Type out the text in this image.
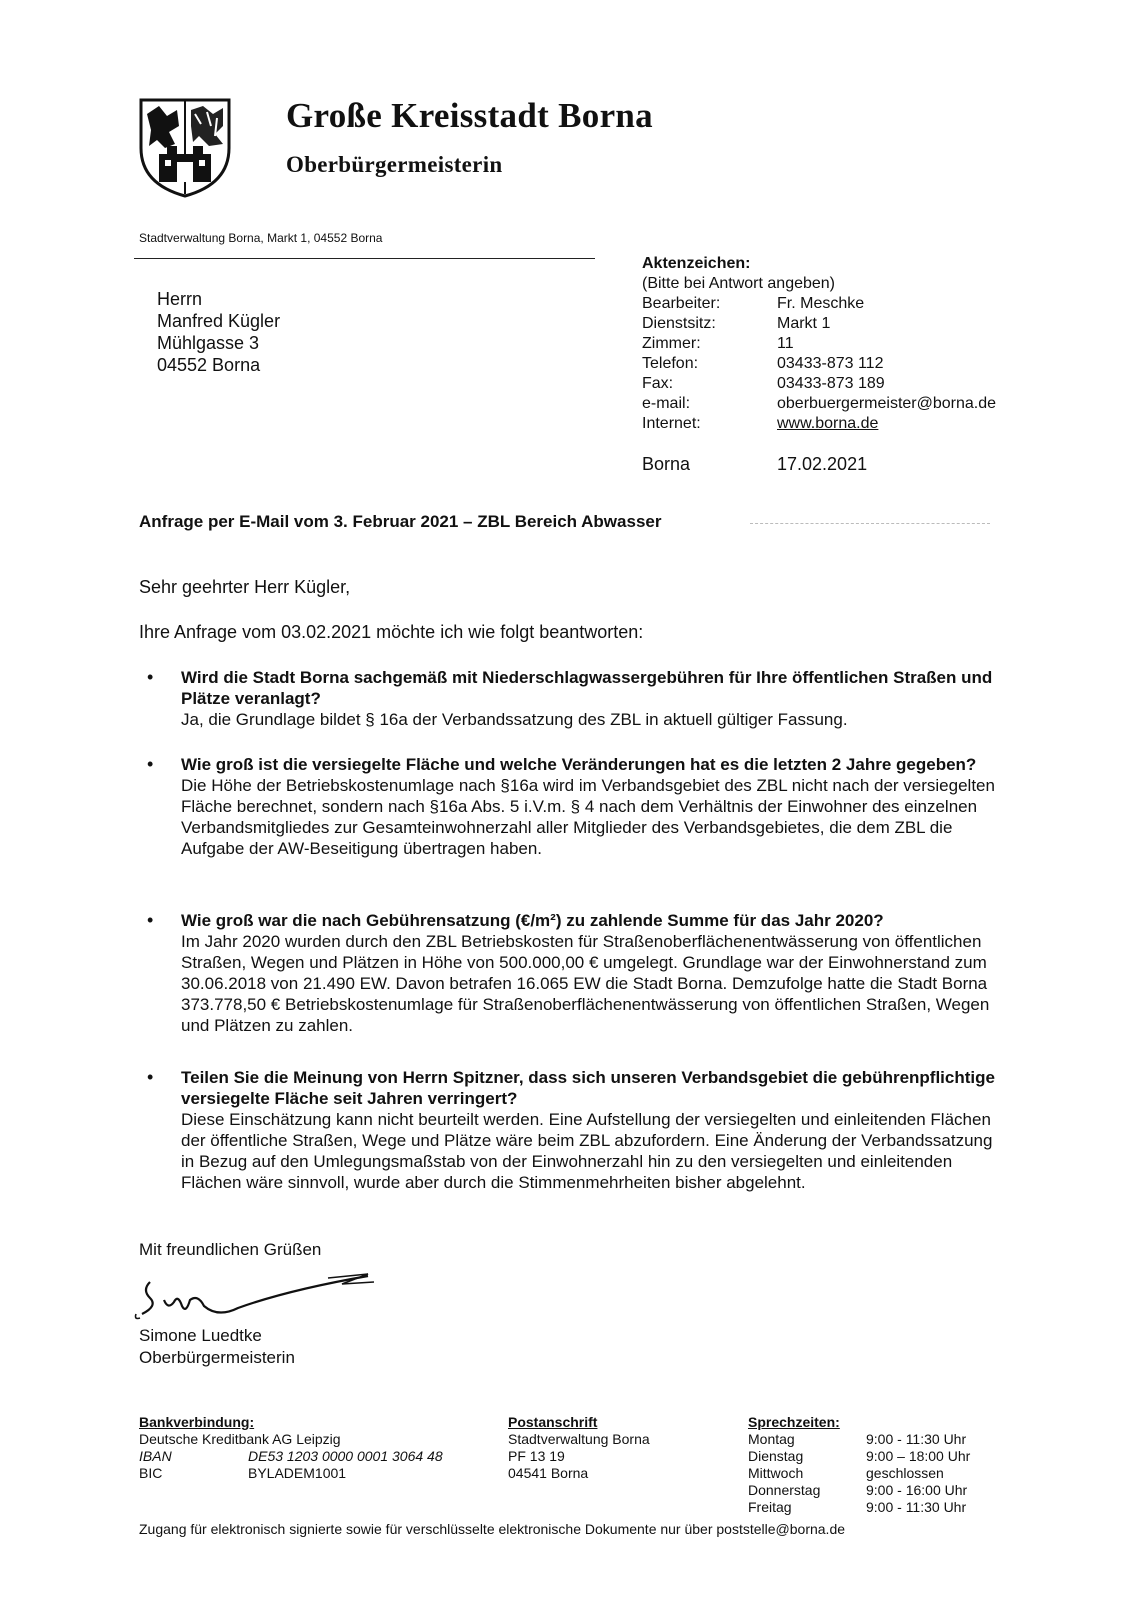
Große Kreisstadt Borna
Oberbürgermeisterin
Stadtverwaltung Borna, Markt 1, 04552 Borna
Herrn
Manfred Kügler
Mühlgasse 3
04552 Borna
Aktenzeichen:
(Bitte bei Antwort angeben)
Bearbeiter:	Fr. Meschke
Dienstsitz:	Markt 1
Zimmer:	11
Telefon:	03433-873 112
Fax:	03433-873 189
e-mail:	oberbuergermeister@borna.de
Internet:	www.borna.de
Borna	17.02.2021
Anfrage per E-Mail vom 3. Februar 2021 – ZBL Bereich Abwasser
Sehr geehrter Herr Kügler,
Ihre Anfrage vom 03.02.2021 möchte ich wie folgt beantworten:
• Wird die Stadt Borna sachgemäß mit Niederschlagwassergebühren für Ihre öffentlichen Straßen und Plätze veranlagt?
Ja, die Grundlage bildet § 16a der Verbandssatzung des ZBL in aktuell gültiger Fassung.
• Wie groß ist die versiegelte Fläche und welche Veränderungen hat es die letzten 2 Jahre gegeben?
Die Höhe der Betriebskostenumlage nach §16a wird im Verbandsgebiet des ZBL nicht nach der versiegelten Fläche berechnet, sondern nach §16a Abs. 5 i.V.m. § 4 nach dem Verhältnis der Einwohner des einzelnen Verbandsmitgliedes zur Gesamteinwohnerzahl aller Mitglieder des Verbandsgebietes, die dem ZBL die Aufgabe der AW-Beseitigung übertragen haben.
• Wie groß war die nach Gebührensatzung (€/m²) zu zahlende Summe für das Jahr 2020?
Im Jahr 2020 wurden durch den ZBL Betriebskosten für Straßenoberflächenentwässerung von öffentlichen Straßen, Wegen und Plätzen in Höhe von 500.000,00 € umgelegt. Grundlage war der Einwohnerstand zum 30.06.2018 von 21.490 EW. Davon betrafen 16.065 EW die Stadt Borna. Demzufolge hatte die Stadt Borna 373.778,50 € Betriebskostenumlage für Straßenoberflächenentwässerung von öffentlichen Straßen, Wegen und Plätzen zu zahlen.
• Teilen Sie die Meinung von Herrn Spitzner, dass sich unseren Verbandsgebiet die gebührenpflichtige versiegelte Fläche seit Jahren verringert?
Diese Einschätzung kann nicht beurteilt werden. Eine Aufstellung der versiegelten und einleitenden Flächen der öffentliche Straßen, Wege und Plätze wäre beim ZBL abzufordern. Eine Änderung der Verbandssatzung in Bezug auf den Umlegungsmaßstab von der Einwohnerzahl hin zu den versiegelten und einleitenden Flächen wäre sinnvoll, wurde aber durch die Stimmenmehrheiten bisher abgelehnt.
Mit freundlichen Grüßen
Simone Luedtke
Oberbürgermeisterin
Bankverbindung:
Deutsche Kreditbank AG Leipzig
IBAN	DE53 1203 0000 0001 3064 48
BIC	BYLADEM1001
Postanschrift
Stadtverwaltung Borna
PF 13 19
04541 Borna
Sprechzeiten:
Montag	9:00 - 11:30 Uhr
Dienstag	9:00 – 18:00 Uhr
Mittwoch	geschlossen
Donnerstag	9:00 - 16:00 Uhr
Freitag	9:00 - 11:30 Uhr
Zugang für elektronisch signierte sowie für verschlüsselte elektronische Dokumente nur über poststelle@borna.de
